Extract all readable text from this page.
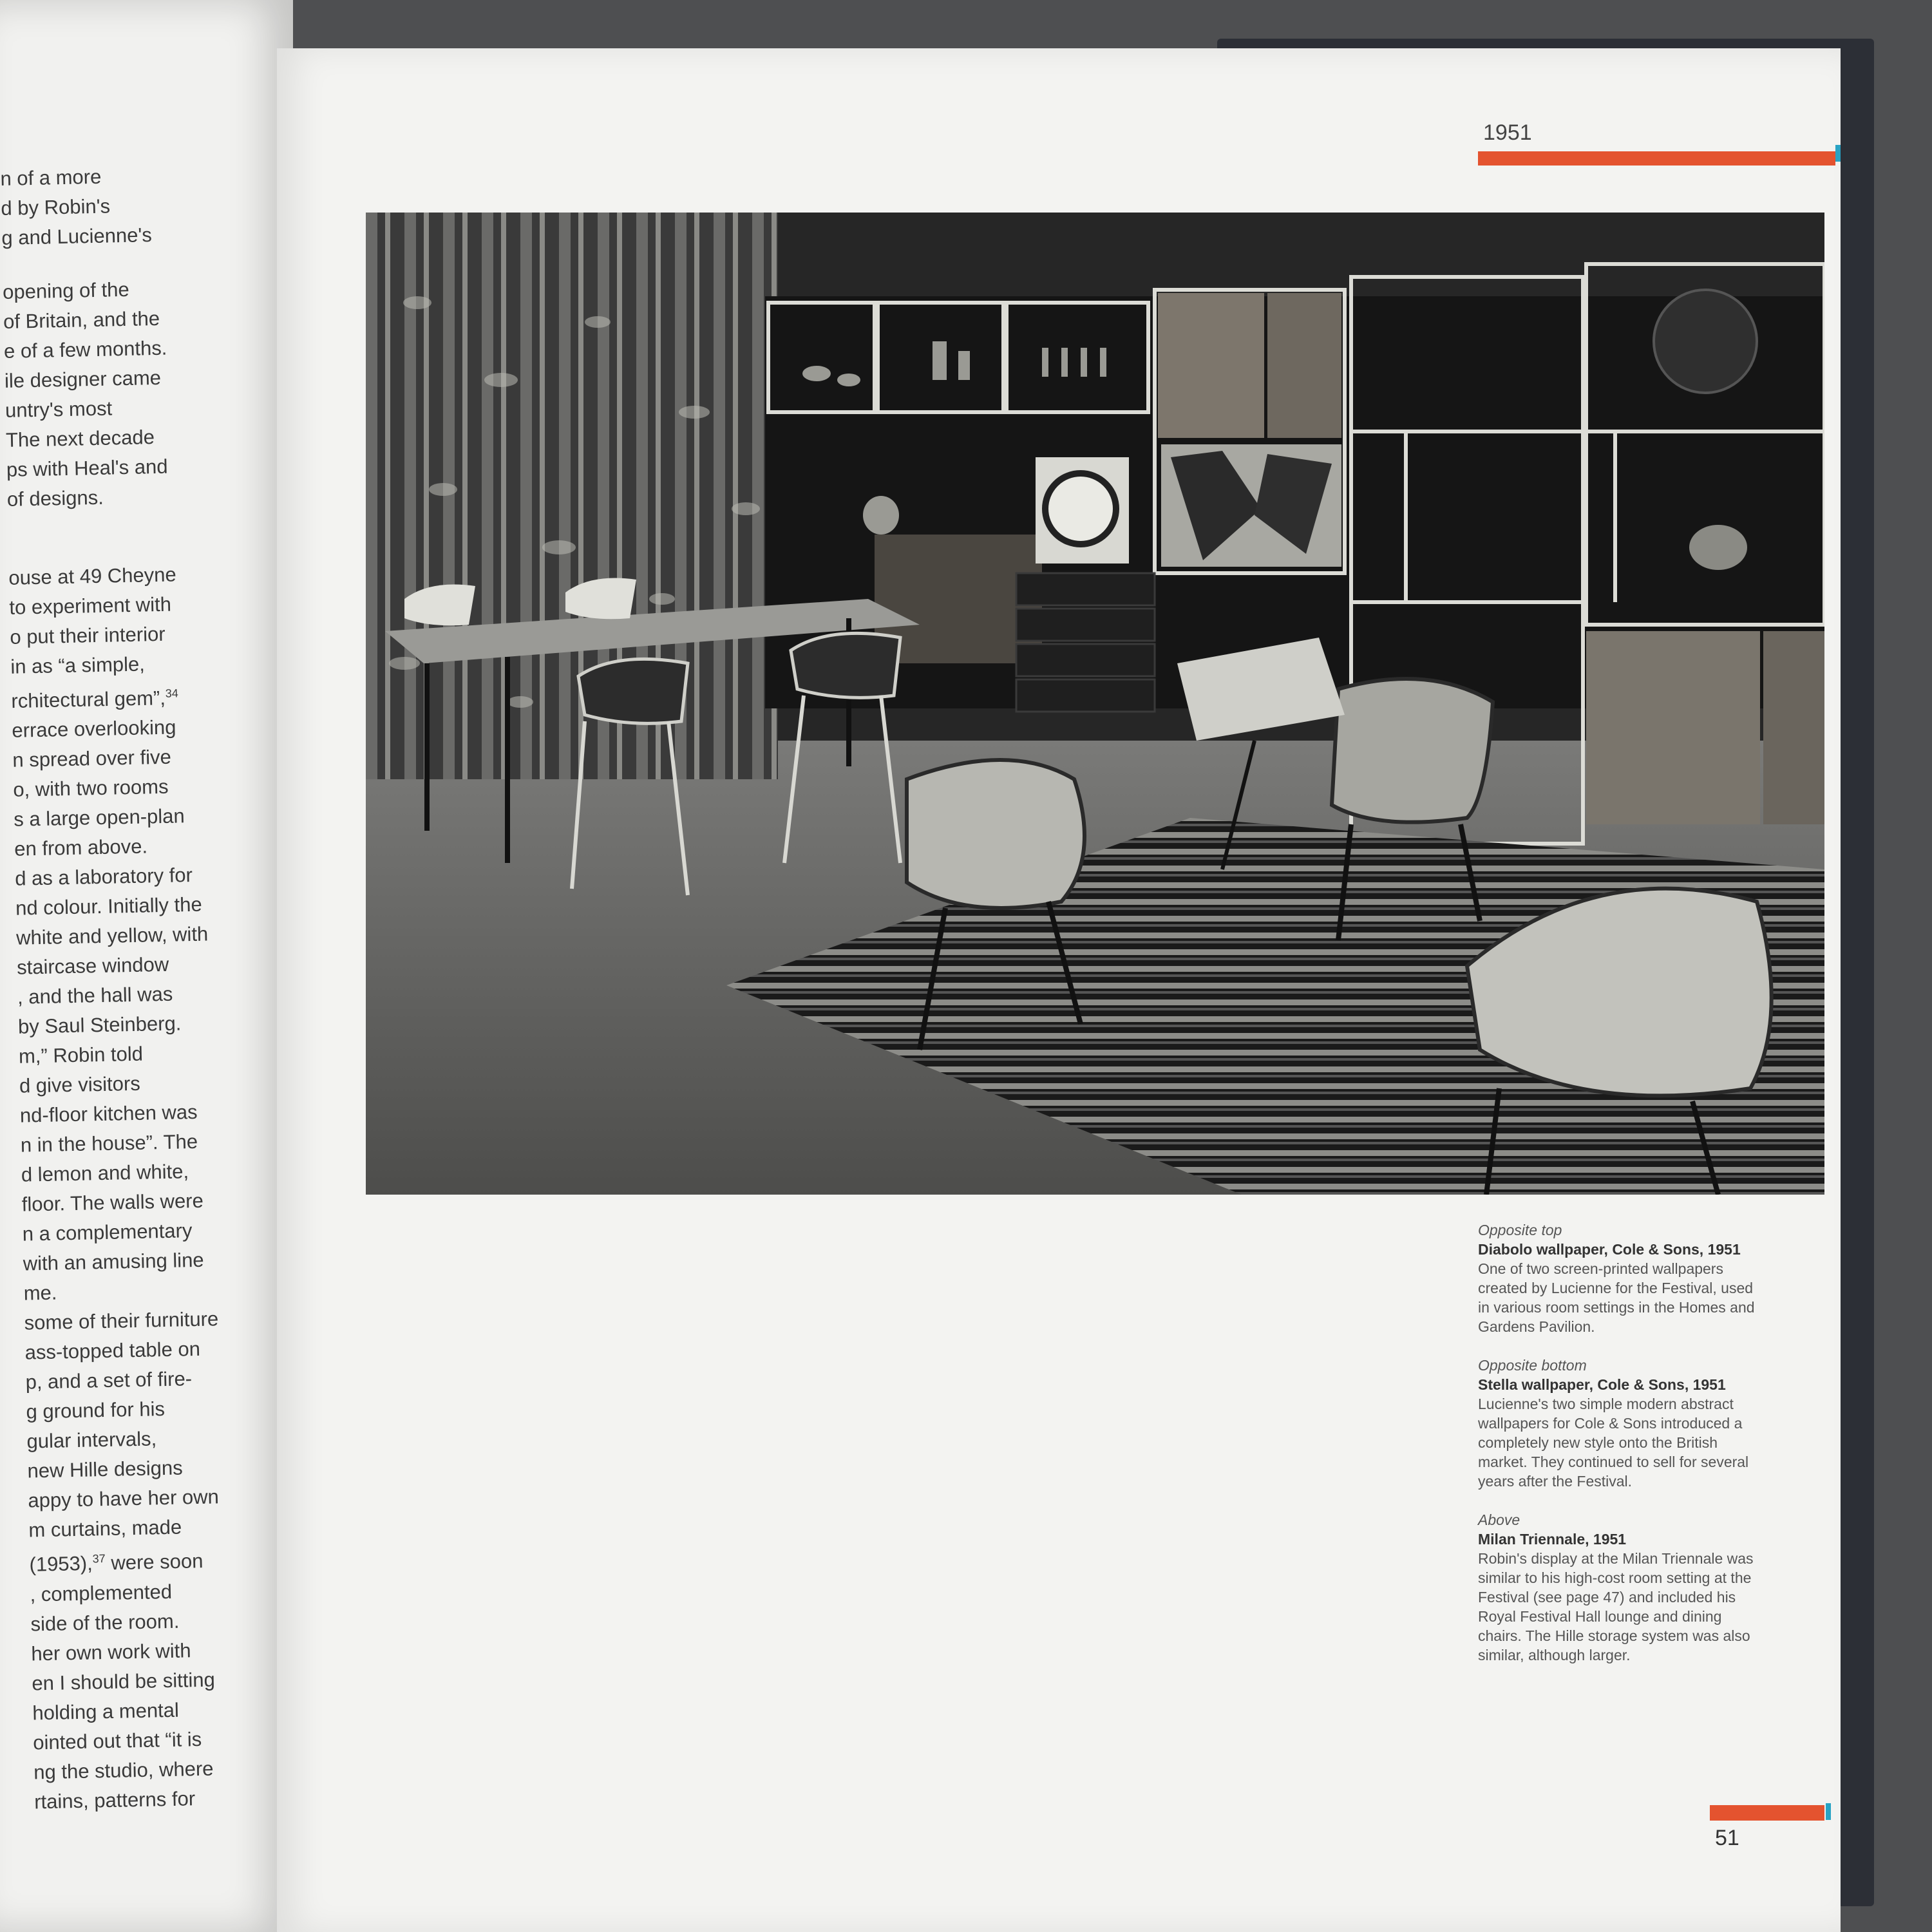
n of a more
d by Robin's
g and Lucienne's
opening of the
of Britain, and the
e of a few months.
ile designer came
untry's most
The next decade
ps with Heal's and
of designs.
ouse at 49 Cheyne
to experiment with
o put their interior
in as “a simple,
rchitectural gem”,$^{34}$
errace overlooking
n spread over five
o, with two rooms
s a large open-plan
en from above.
d as a laboratory for
nd colour. Initially the
white and yellow, with
staircase window
, and the hall was
by Saul Steinberg.
m,” Robin told
d give visitors
nd-floor kitchen was
n in the house”. The
d lemon and white,
floor. The walls were
n a complementary
with an amusing line
me.
some of their furniture
ass-topped table on
p, and a set of fire-
g ground for his
gular intervals,
new Hille designs
appy to have her own
m curtains, made
(1953),$^{37}$ were soon
, complemented
side of the room.
her own work with
en I should be sitting
holding a mental
ointed out that “it is
ng the studio, where
rtains, patterns for
1951
Opposite top
Diabolo wallpaper, Cole & Sons, 1951
One of two screen-printed wallpapers created by Lucienne for the Festival, used in various room settings in the Homes and Gardens Pavilion.
Opposite bottom
Stella wallpaper, Cole & Sons, 1951
Lucienne's two simple modern abstract wallpapers for Cole & Sons introduced a completely new style onto the British market. They continued to sell for several years after the Festival.
Above
Milan Triennale, 1951
Robin's display at the Milan Triennale was similar to his high-cost room setting at the Festival (see page 47) and included his Royal Festival Hall lounge and dining chairs. The Hille storage system was also similar, although larger.
51
